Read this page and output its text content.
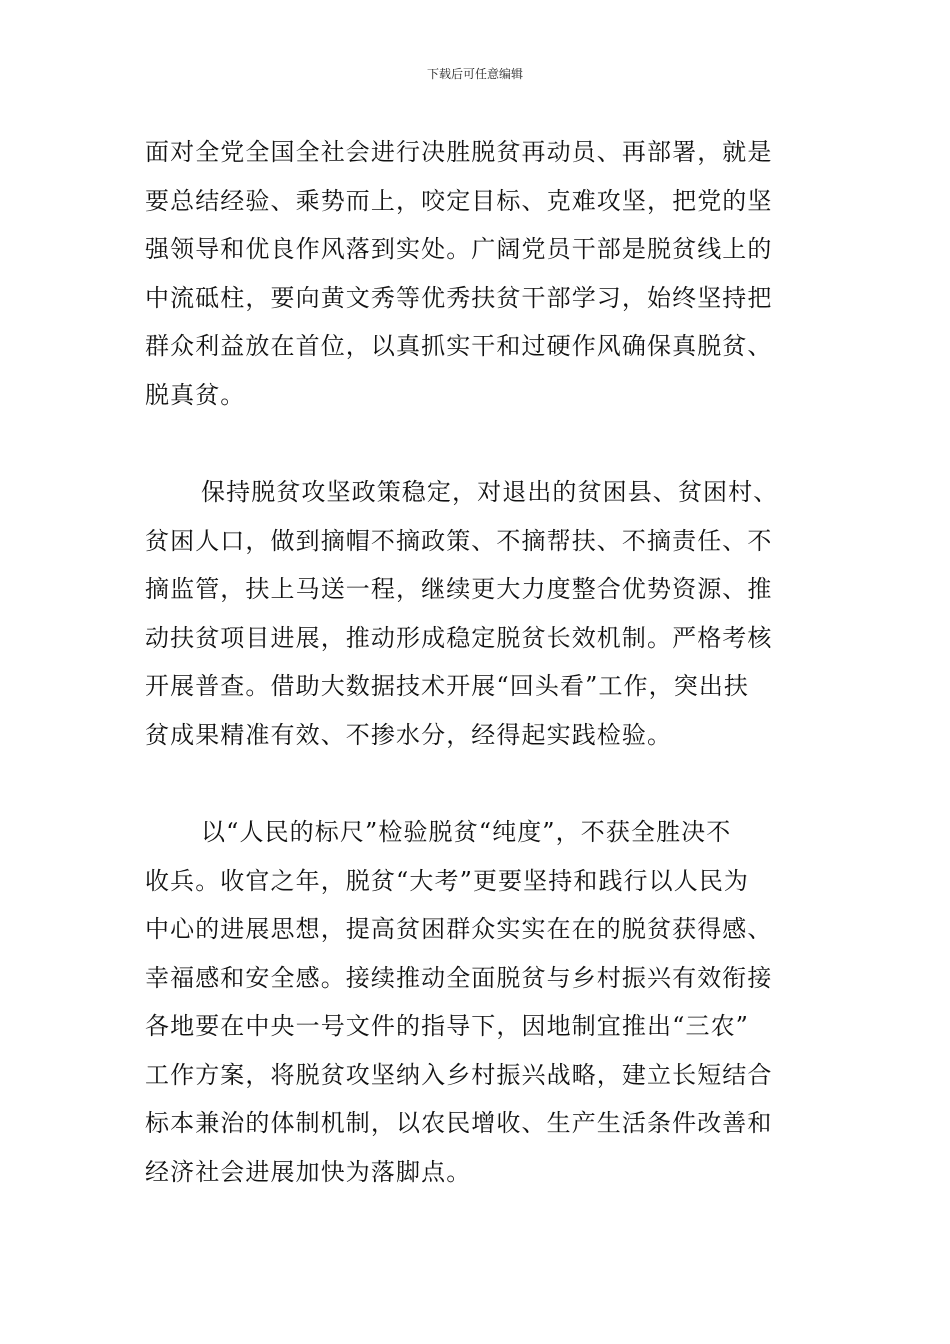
下载后可任意编辑
面对全党全国全社会进行决胜脱贫再动员、再部署，就是
要总结经验、乘势而上，咬定目标、克难攻坚，把党的坚
强领导和优良作风落到实处。广阔党员干部是脱贫线上的
中流砥柱，要向黄文秀等优秀扶贫干部学习，始终坚持把
群众利益放在首位，以真抓实干和过硬作风确保真脱贫、
脱真贫。
保持脱贫攻坚政策稳定，对退出的贫困县、贫困村、
贫困人口，做到摘帽不摘政策、不摘帮扶、不摘责任、不
摘监管，扶上马送一程，继续更大力度整合优势资源、推
动扶贫项目进展，推动形成稳定脱贫长效机制。严格考核
开展普查。借助大数据技术开展“回头看”工作，突出扶
贫成果精准有效、不掺水分，经得起实践检验。
以“人民的标尺”检验脱贫“纯度”，不获全胜决不
收兵。收官之年，脱贫“大考”更要坚持和践行以人民为
中心的进展思想，提高贫困群众实实在在的脱贫获得感、
幸福感和安全感。接续推动全面脱贫与乡村振兴有效衔接
各地要在中央一号文件的指导下，因地制宜推出“三农”
工作方案，将脱贫攻坚纳入乡村振兴战略，建立长短结合
标本兼治的体制机制，以农民增收、生产生活条件改善和
经济社会进展加快为落脚点。
